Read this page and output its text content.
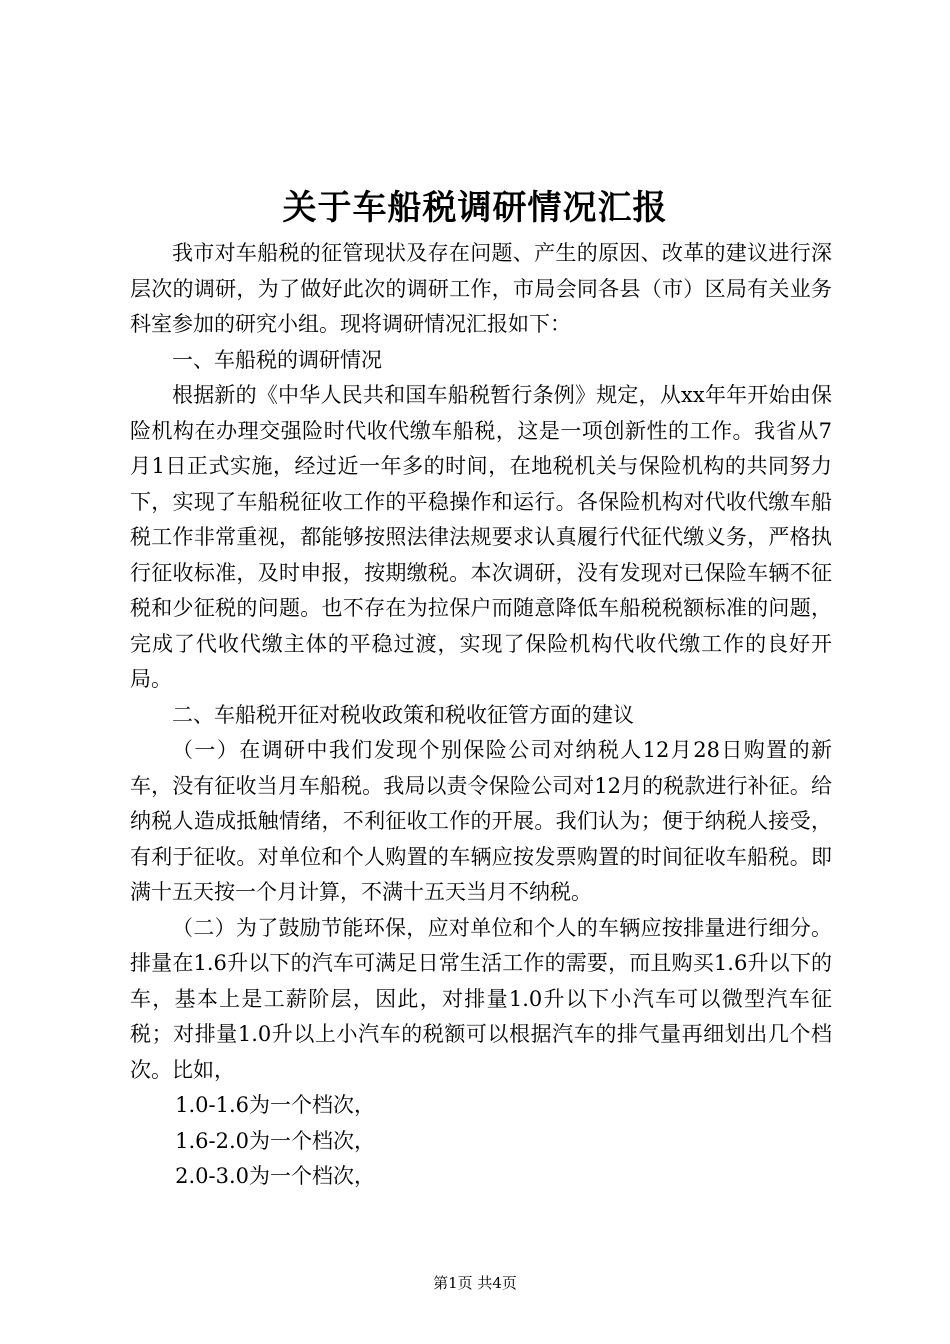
关于车船税调研情况汇报

我市对车船税的征管现状及存在问题、产生的原因、改革的建议进行深层次的调研，为了做好此次的调研工作，市局会同各县（市）区局有关业务科室参加的研究小组。现将调研情况汇报如下：

一、车船税的调研情况

根据新的《中华人民共和国车船税暂行条例》规定，从xx年年开始由保险机构在办理交强险时代收代缴车船税，这是一项创新性的工作。我省从7月1日正式实施，经过近一年多的时间，在地税机关与保险机构的共同努力下，实现了车船税征收工作的平稳操作和运行。各保险机构对代收代缴车船税工作非常重视，都能够按照法律法规要求认真履行代征代缴义务，严格执行征收标准，及时申报，按期缴税。本次调研，没有发现对已保险车辆不征税和少征税的问题。也不存在为拉保户而随意降低车船税税额标准的问题，完成了代收代缴主体的平稳过渡，实现了保险机构代收代缴工作的良好开局。

二、车船税开征对税收政策和税收征管方面的建议

（一）在调研中我们发现个别保险公司对纳税人12月28日购置的新车，没有征收当月车船税。我局以责令保险公司对12月的税款进行补征。给纳税人造成抵触情绪，不利征收工作的开展。我们认为；便于纳税人接受，有利于征收。对单位和个人购置的车辆应按发票购置的时间征收车船税。即满十五天按一个月计算，不满十五天当月不纳税。

（二）为了鼓励节能环保，应对单位和个人的车辆应按排量进行细分。排量在1.6升以下的汽车可满足日常生活工作的需要，而且购买1.6升以下的车，基本上是工薪阶层，因此，对排量1.0升以下小汽车可以微型汽车征税；对排量1.0升以上小汽车的税额可以根据汽车的排气量再细划出几个档次。比如，

1.0-1.6为一个档次，

1.6-2.0为一个档次，

2.0-3.0为一个档次，

第1页 共4页
